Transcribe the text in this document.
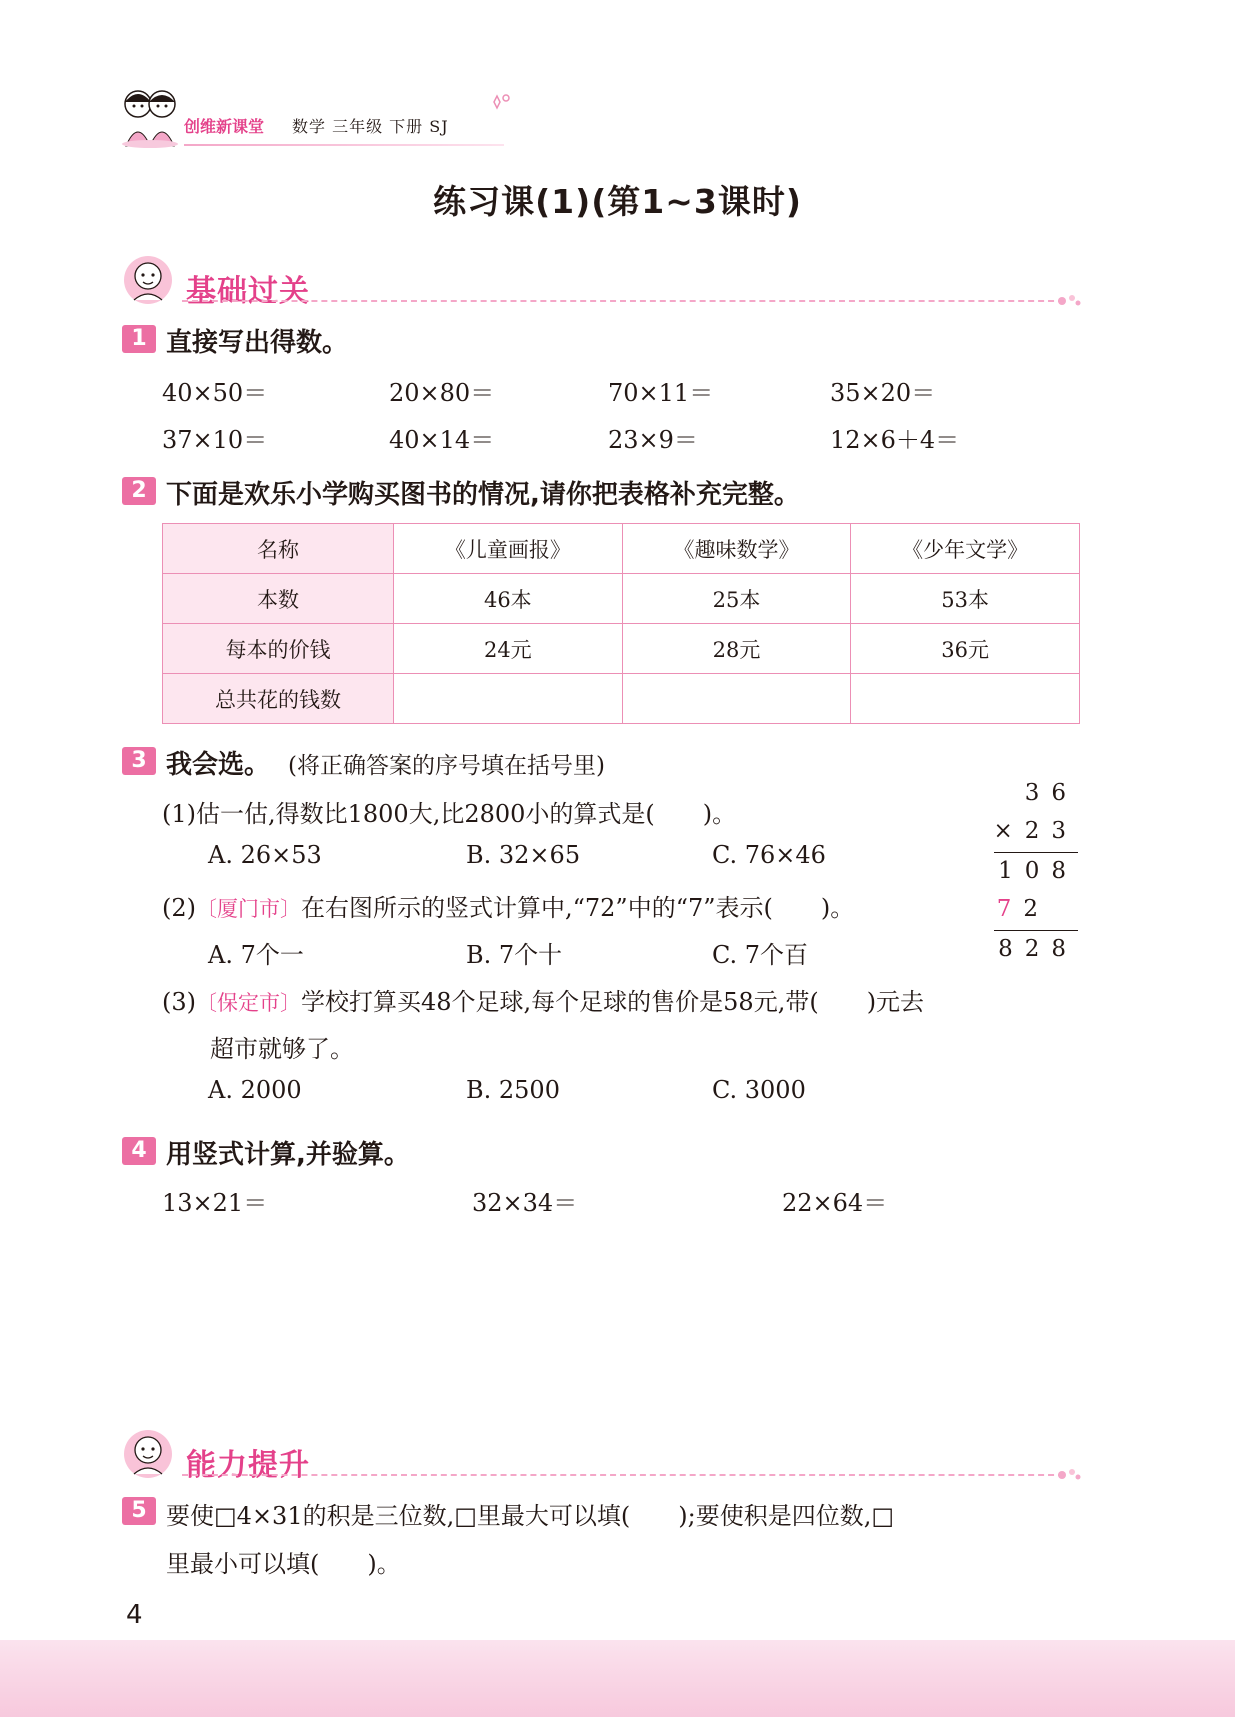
创维新课堂 数学 三年级 下册 SJ
练习课(1)(第1~3课时)
基础过关
1 直接写出得数。
40×50＝	20×80＝	70×11＝	35×20＝
37×10＝	40×14＝	23×9＝	12×6＋4＝
2 下面是欢乐小学购买图书的情况,请你把表格补充完整。
名称	《儿童画报》	《趣味数学》	《少年文学》
本数	46本	25本	53本
每本的价钱	24元	28元	36元
总共花的钱数			
3 我会选。 (将正确答案的序号填在括号里)
(1)估一估,得数比1800大,比2800小的算式是(　　)。
A. 26×53	B. 32×65	C. 76×46
(2)〔厦门市〕在右图所示的竖式计算中,“72”中的“7”表示(　　)。
A. 7个一	B. 7个十	C. 7个百
(3)〔保定市〕学校打算买48个足球,每个足球的售价是58元,带(　　)元去
超市就够了。
A. 2000	B. 2500	C. 3000
36
×23
108
72
828
4 用竖式计算,并验算。
13×21＝	32×34＝	22×64＝
能力提升
5 要使□4×31的积是三位数,□里最大可以填(　　);要使积是四位数,□
里最小可以填(　　)。
4
